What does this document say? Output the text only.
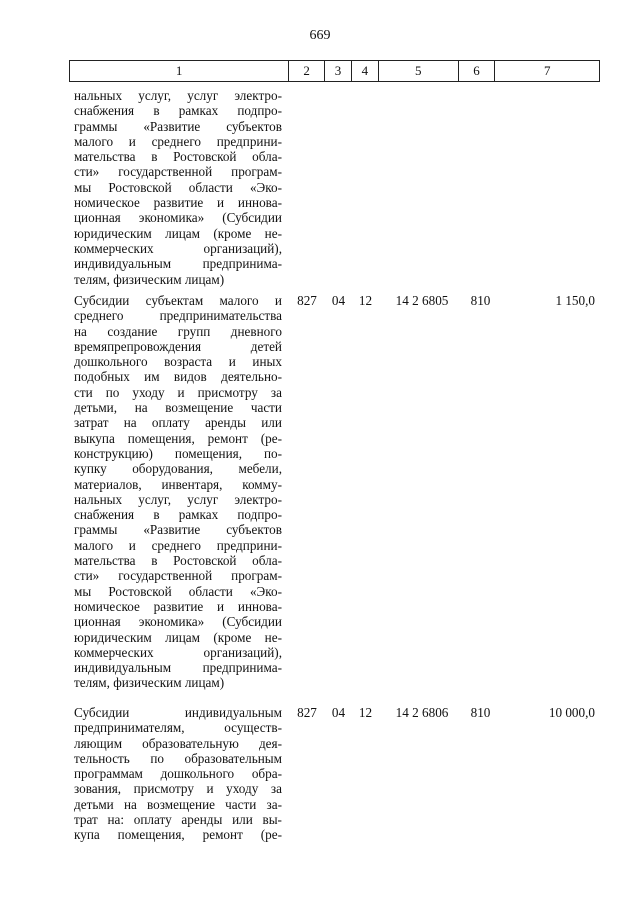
669
1	2	3	4	5	6	7
нальных услуг, услуг электро-
снабжения в рамках подпро-
граммы «Развитие субъектов
малого и среднего предприни-
мательства в Ростовской обла-
сти» государственной програм-
мы Ростовской области «Эко-
номическое развитие и иннова-
ционная экономика» (Субсидии
юридическим лицам (кроме не-
коммерческих	организаций),
индивидуальным предпринима-
телям, физическим лицам)
Субсидии субъектам малого и
среднего	предпринимательства
на создание групп дневного
времяпрепровождения	детей
дошкольного возраста и иных
подобных им видов деятельно-
сти по уходу и присмотру за
детьми, на возмещение части
затрат на оплату аренды или
выкупа помещения, ремонт (ре-
конструкцию) помещения, по-
купку оборудования, мебели,
материалов, инвентаря, комму-
нальных услуг, услуг электро-
снабжения в рамках подпро-
граммы «Развитие субъектов
малого и среднего предприни-
мательства в Ростовской обла-
сти» государственной програм-
мы Ростовской области «Эко-
номическое развитие и иннова-
ционная экономика» (Субсидии
юридическим лицам (кроме не-
коммерческих	организаций),
индивидуальным предпринима-
телям, физическим лицам)
827	04	12	14 2 6805	810	1 150,0
Субсидии	индивидуальным
предпринимателям,	осуществ-
ляющим образовательную дея-
тельность по образовательным
программам дошкольного обра-
зования, присмотру и уходу за
детьми на возмещение части за-
трат на: оплату аренды или вы-
купа помещения, ремонт (ре-
827	04	12	14 2 6806	810	10 000,0
